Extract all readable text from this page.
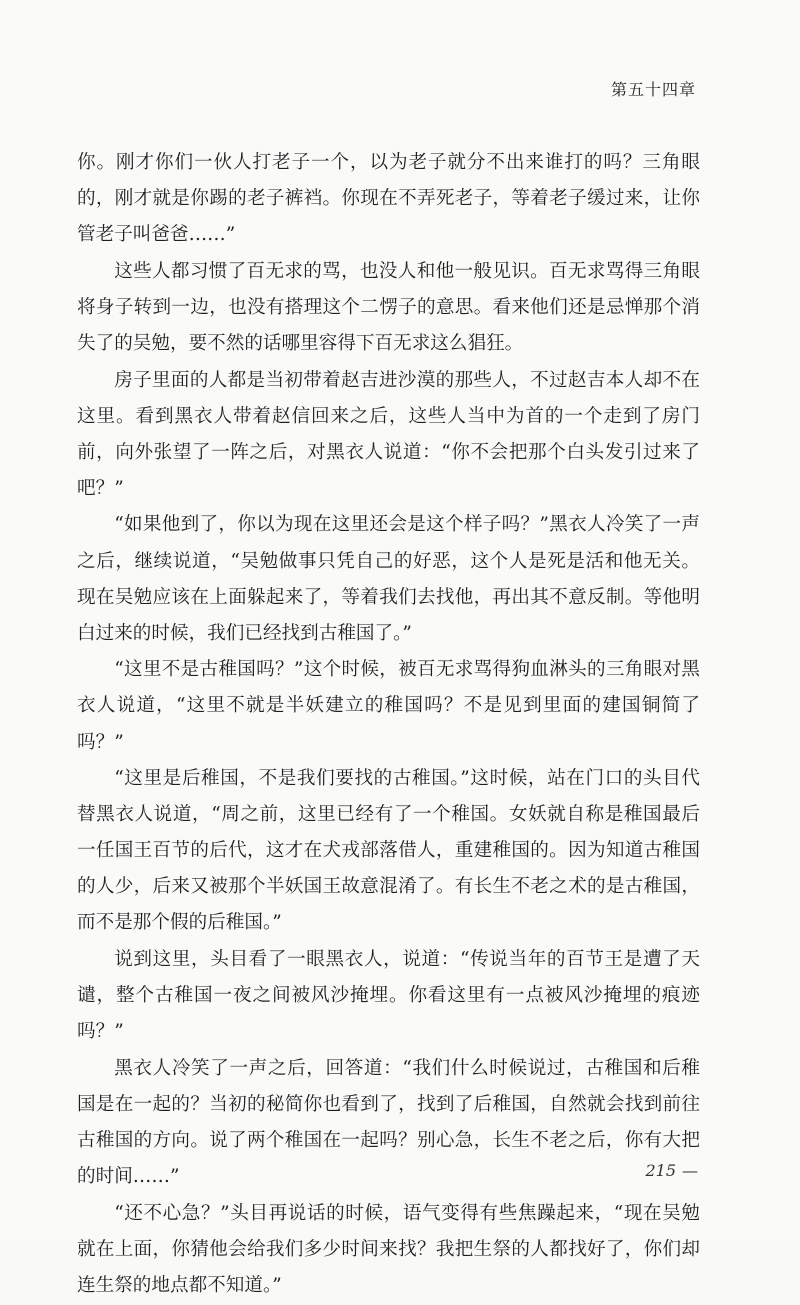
第五十四章

你。刚才你们一伙人打老子一个，以为老子就分不出来谁打的吗？三角眼的，刚才就是你踢的老子裤裆。你现在不弄死老子，等着老子缓过来，让你管老子叫爸爸……”

这些人都习惯了百无求的骂，也没人和他一般见识。百无求骂得三角眼将身子转到一边，也没有搭理这个二愣子的意思。看来他们还是忌惮那个消失了的吴勉，要不然的话哪里容得下百无求这么猖狂。

房子里面的人都是当初带着赵吉进沙漠的那些人，不过赵吉本人却不在这里。看到黑衣人带着赵信回来之后，这些人当中为首的一个走到了房门前，向外张望了一阵之后，对黑衣人说道：“你不会把那个白头发引过来了吧？”

“如果他到了，你以为现在这里还会是这个样子吗？”黑衣人冷笑了一声之后，继续说道，“吴勉做事只凭自己的好恶，这个人是死是活和他无关。现在吴勉应该在上面躲起来了，等着我们去找他，再出其不意反制。等他明白过来的时候，我们已经找到古稚国了。”

“这里不是古稚国吗？”这个时候，被百无求骂得狗血淋头的三角眼对黑衣人说道，“这里不就是半妖建立的稚国吗？不是见到里面的建国铜简了吗？”

“这里是后稚国，不是我们要找的古稚国。”这时候，站在门口的头目代替黑衣人说道，“周之前，这里已经有了一个稚国。女妖就自称是稚国最后一任国王百节的后代，这才在犬戎部落借人，重建稚国的。因为知道古稚国的人少，后来又被那个半妖国王故意混淆了。有长生不老之术的是古稚国，而不是那个假的后稚国。”

说到这里，头目看了一眼黑衣人，说道：“传说当年的百节王是遭了天谴，整个古稚国一夜之间被风沙掩埋。你看这里有一点被风沙掩埋的痕迹吗？”

黑衣人冷笑了一声之后，回答道：“我们什么时候说过，古稚国和后稚国是在一起的？当初的秘简你也看到了，找到了后稚国，自然就会找到前往古稚国的方向。说了两个稚国在一起吗？别心急，长生不老之后，你有大把的时间……”

“还不心急？”头目再说话的时候，语气变得有些焦躁起来，“现在吴勉就在上面，你猜他会给我们多少时间来找？我把生祭的人都找好了，你们却连生祭的地点都不知道。”

215 —
